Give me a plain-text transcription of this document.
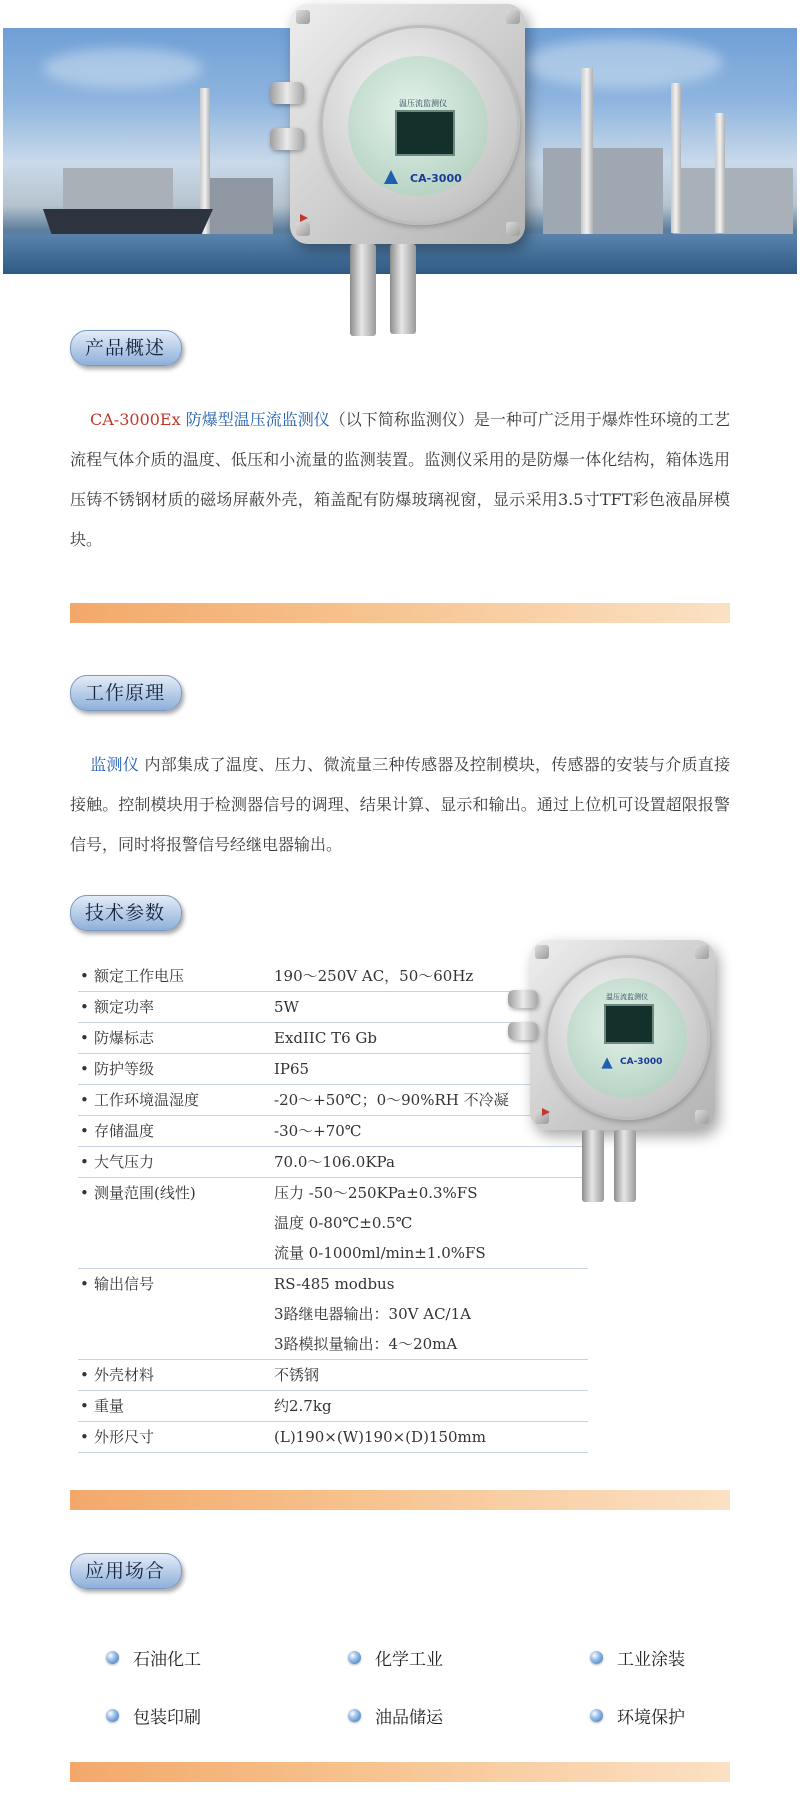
温压流监测仪
CA-3000
产品概述
CA-3000Ex 防爆型温压流监测仪（以下简称监测仪）是一种可广泛用于爆炸性环境的工艺流程气体介质的温度、低压和小流量的监测装置。监测仪采用的是防爆一体化结构，箱体选用压铸不锈钢材质的磁场屏蔽外壳，箱盖配有防爆玻璃视窗，显示采用3.5寸TFT彩色液晶屏模块。
工作原理
监测仪 内部集成了温度、压力、微流量三种传感器及控制模块，传感器的安装与介质直接接触。控制模块用于检测器信号的调理、结果计算、显示和输出。通过上位机可设置超限报警信号，同时将报警信号经继电器输出。
技术参数
• 额定工作电压	190～250V AC，50～60Hz
• 额定功率	5W
• 防爆标志	ExdIIC T6 Gb
• 防护等级	IP65
• 工作环境温湿度	-20～+50℃；0～90%RH 不冷凝
• 存储温度	-30～+70℃
• 大气压力	70.0～106.0KPa
• 测量范围(线性)	压力 -50～250KPa±0.3%FS
温度 0-80℃±0.5℃
流量 0-1000ml/min±1.0%FS
• 输出信号	RS-485 modbus
3路继电器输出：30V AC/1A
3路模拟量输出：4～20mA
• 外壳材料	不锈钢
• 重量	约2.7kg
• 外形尺寸	(L)190×(W)190×(D)150mm
温压流监测仪
CA-3000
应用场合
石油化工	化学工业	工业涂装
包装印刷	油品储运	环境保护
